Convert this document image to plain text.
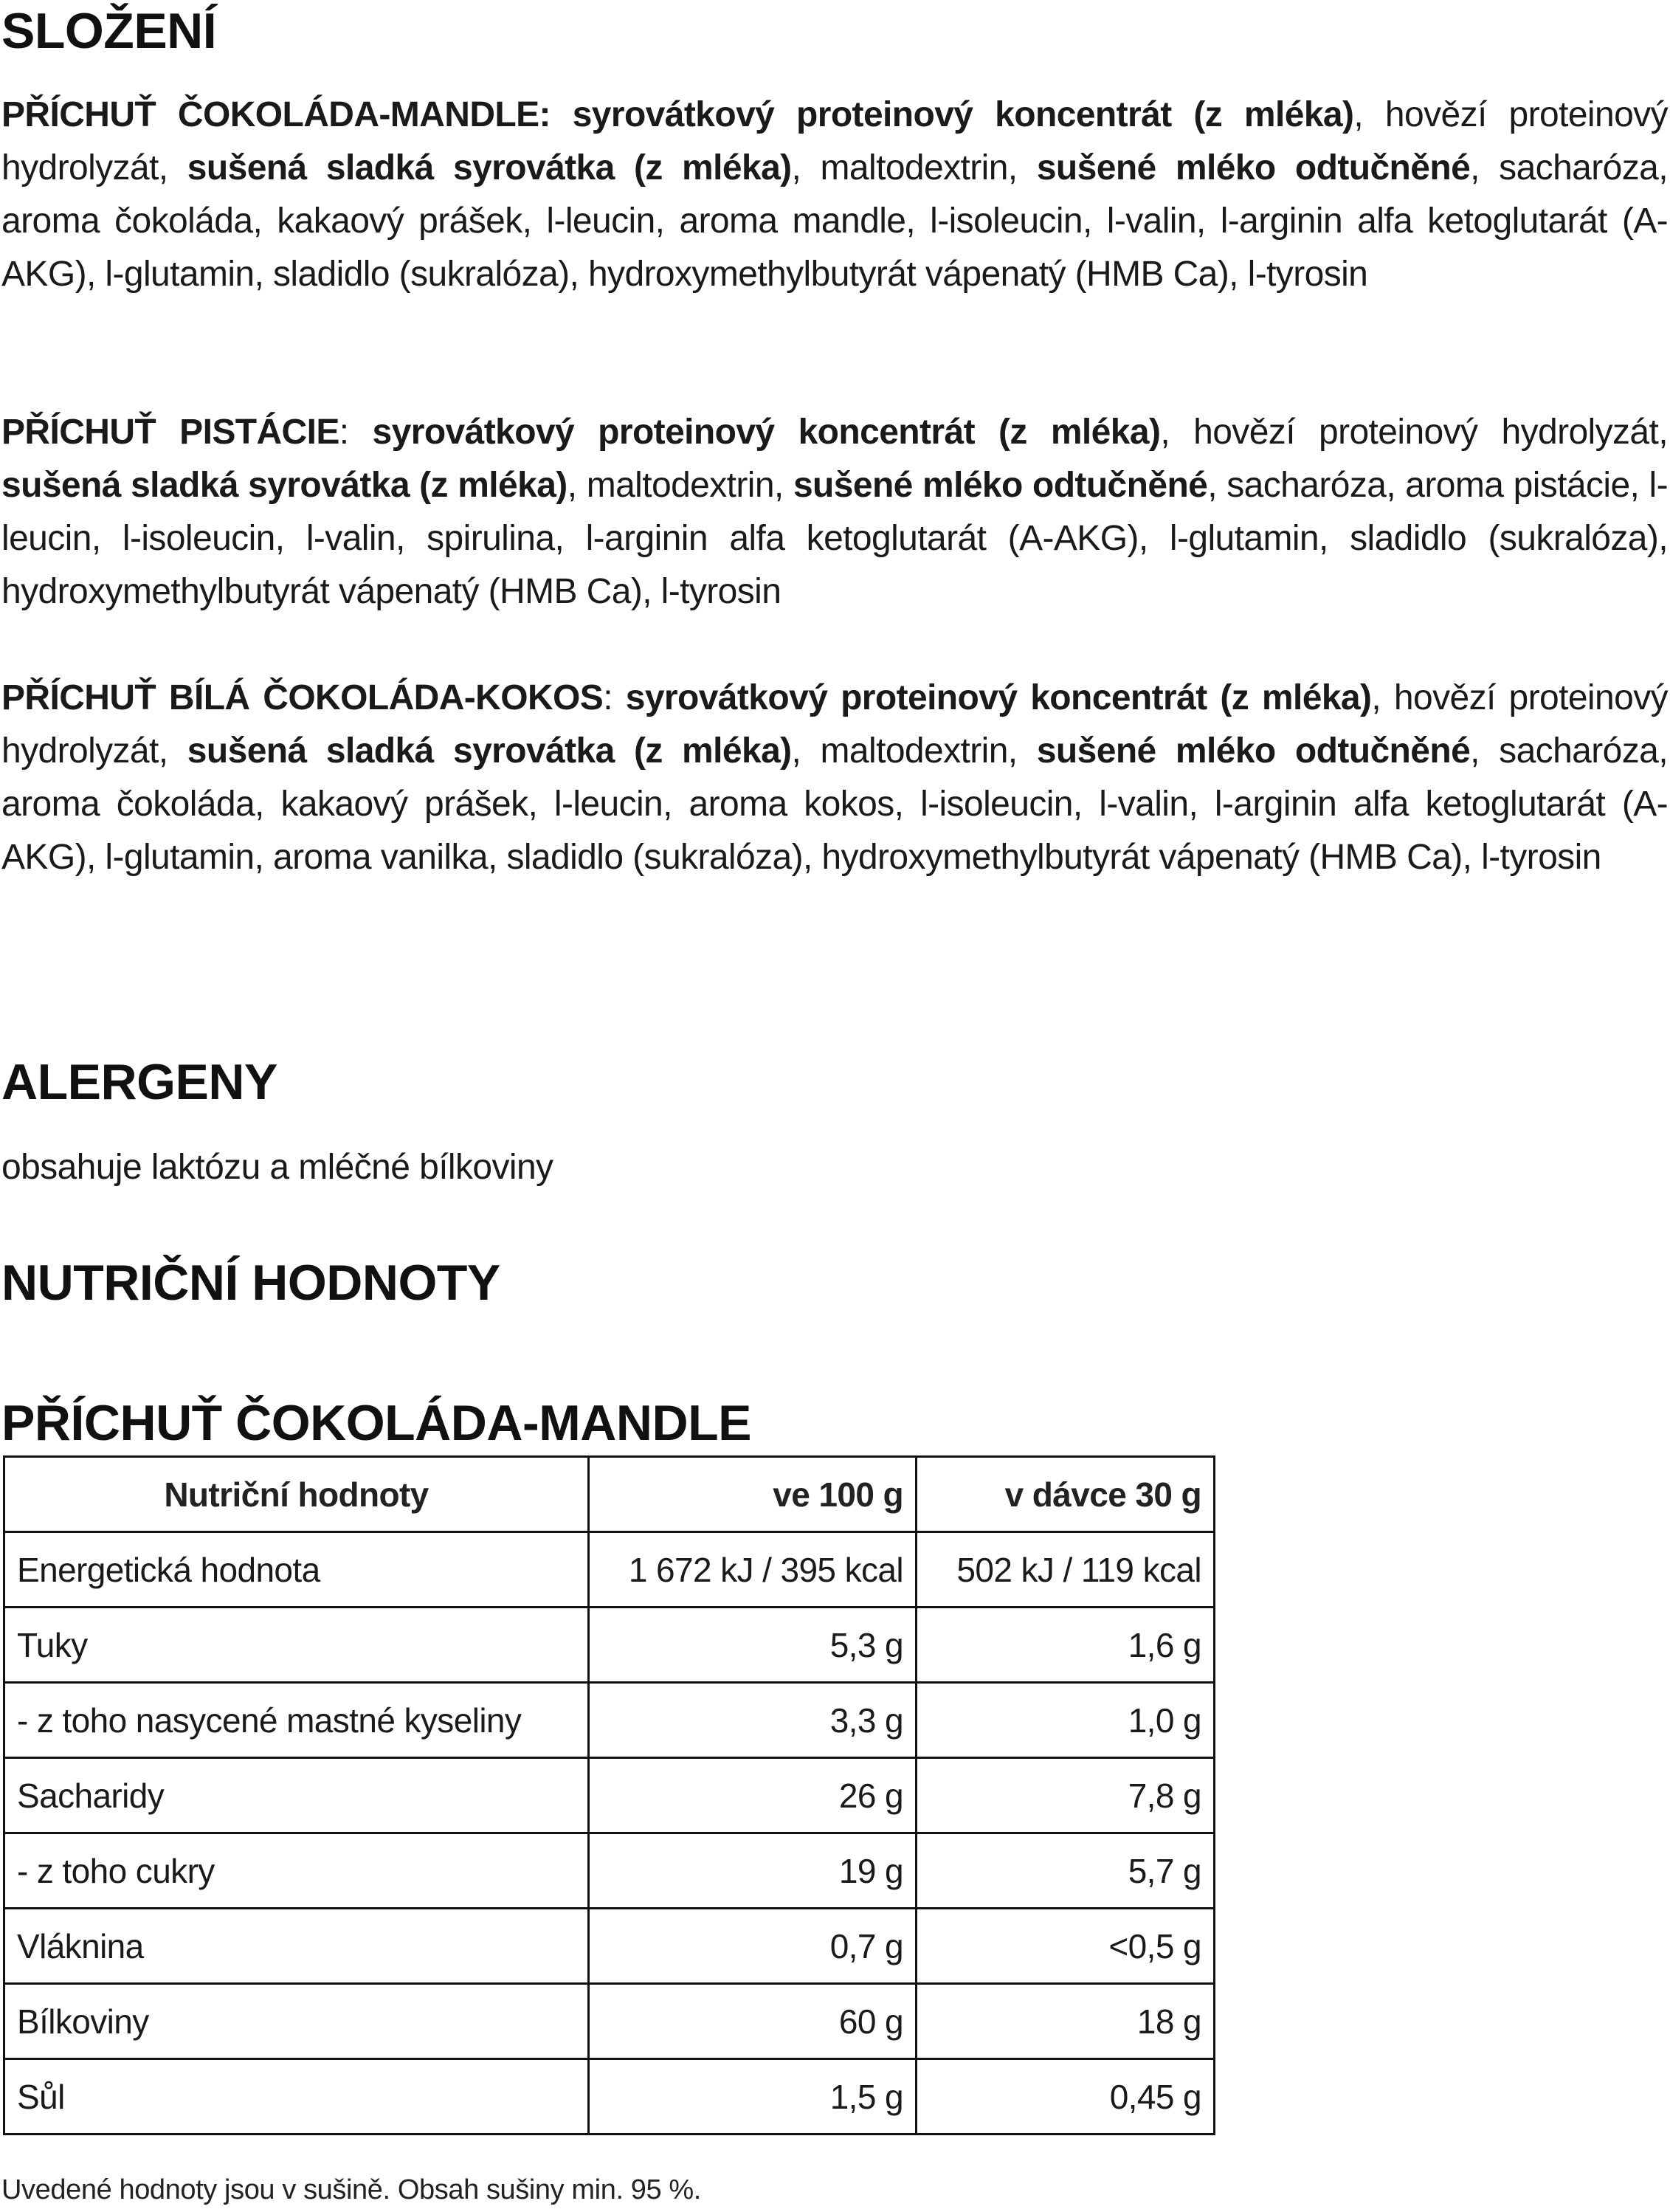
SLOŽENÍ

PŘÍCHUŤ ČOKOLÁDA-MANDLE: syrovátkový proteinový koncentrát (z mléka), hovězí proteinový hydrolyzát, sušená sladká syrovátka (z mléka), maltodextrin, sušené mléko odtučněné, sacharóza, aroma čokoláda, kakaový prášek, l-leucin, aroma mandle, l-isoleucin, l-valin, l-arginin alfa ketoglutarát (A-AKG), l-glutamin, sladidlo (sukralóza), hydroxymethylbutyrát vápenatý (HMB Ca), l-tyrosin

PŘÍCHUŤ PISTÁCIE: syrovátkový proteinový koncentrát (z mléka), hovězí proteinový hydrolyzát, sušená sladká syrovátka (z mléka), maltodextrin, sušené mléko odtučněné, sacharóza, aroma pistácie, l-leucin, l-isoleucin, l-valin, spirulina, l-arginin alfa ketoglutarát (A-AKG), l-glutamin, sladidlo (sukralóza), hydroxymethylbutyrát vápenatý (HMB Ca), l-tyrosin

PŘÍCHUŤ BÍLÁ ČOKOLÁDA-KOKOS: syrovátkový proteinový koncentrát (z mléka), hovězí proteinový hydrolyzát, sušená sladká syrovátka (z mléka), maltodextrin, sušené mléko odtučněné, sacharóza, aroma čokoláda, kakaový prášek, l-leucin, aroma kokos, l-isoleucin, l-valin, l-arginin alfa ketoglutarát (A-AKG), l-glutamin, aroma vanilka, sladidlo (sukralóza), hydroxymethylbutyrát vápenatý (HMB Ca), l-tyrosin

ALERGENY

obsahuje laktózu a mléčné bílkoviny

NUTRIČNÍ HODNOTY
PŘÍCHUŤ ČOKOLÁDA-MANDLE
Nutriční hodnoty	ve 100 g	v dávce 30 g
Energetická hodnota	1 672 kJ / 395 kcal	502 kJ / 119 kcal
Tuky	5,3 g	1,6 g
- z toho nasycené mastné kyseliny	3,3 g	1,0 g
Sacharidy	26 g	7,8 g
- z toho cukry	19 g	5,7 g
Vláknina	0,7 g	<0,5 g
Bílkoviny	60 g	18 g
Sůl	1,5 g	0,45 g

Uvedené hodnoty jsou v sušině. Obsah sušiny min. 95 %.
